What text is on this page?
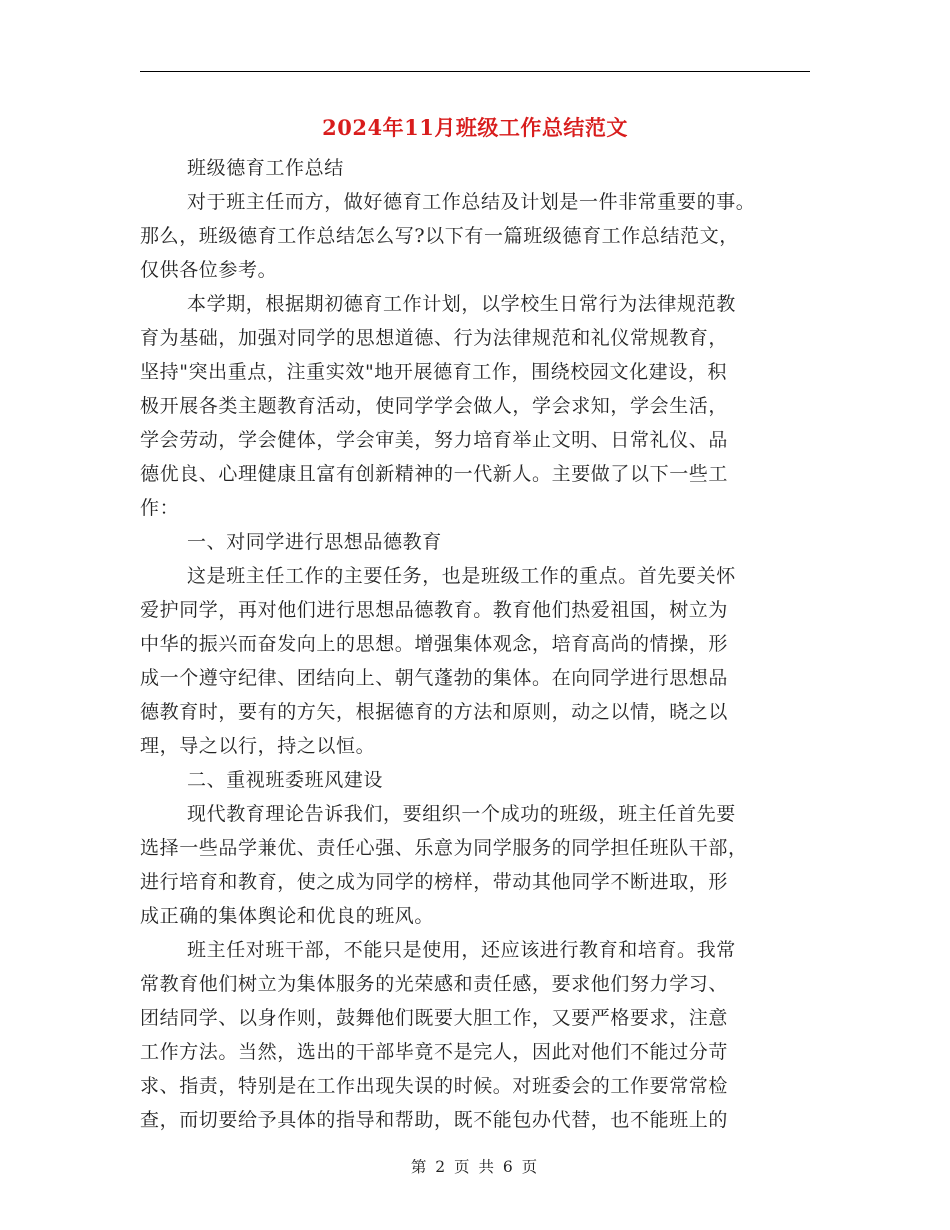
2024年11月班级工作总结范文
班级德育工作总结
对于班主任而方，做好德育工作总结及计划是一件非常重要的事。
那么，班级德育工作总结怎么写?以下有一篇班级德育工作总结范文，
仅供各位参考。
本学期，根据期初德育工作计划，以学校生日常行为法律规范教
育为基础，加强对同学的思想道德、行为法律规范和礼仪常规教育，
坚持"突出重点，注重实效"地开展德育工作，围绕校园文化建设，积
极开展各类主题教育活动，使同学学会做人，学会求知，学会生活，
学会劳动，学会健体，学会审美，努力培育举止文明、日常礼仪、品
德优良、心理健康且富有创新精神的一代新人。主要做了以下一些工
作：
一、对同学进行思想品德教育
这是班主任工作的主要任务，也是班级工作的重点。首先要关怀
爱护同学，再对他们进行思想品德教育。教育他们热爱祖国，树立为
中华的振兴而奋发向上的思想。增强集体观念，培育高尚的情操，形
成一个遵守纪律、团结向上、朝气蓬勃的集体。在向同学进行思想品
德教育时，要有的方矢，根据德育的方法和原则，动之以情，晓之以
理，导之以行，持之以恒。
二、重视班委班风建设
现代教育理论告诉我们，要组织一个成功的班级，班主任首先要
选择一些品学兼优、责任心强、乐意为同学服务的同学担任班队干部，
进行培育和教育，使之成为同学的榜样，带动其他同学不断进取，形
成正确的集体舆论和优良的班风。
班主任对班干部，不能只是使用，还应该进行教育和培育。我常
常教育他们树立为集体服务的光荣感和责任感，要求他们努力学习、
团结同学、以身作则，鼓舞他们既要大胆工作，又要严格要求，注意
工作方法。当然，选出的干部毕竟不是完人，因此对他们不能过分苛
求、指责，特别是在工作出现失误的时候。对班委会的工作要常常检
查，而切要给予具体的指导和帮助，既不能包办代替，也不能班上的
第 2 页 共 6 页
